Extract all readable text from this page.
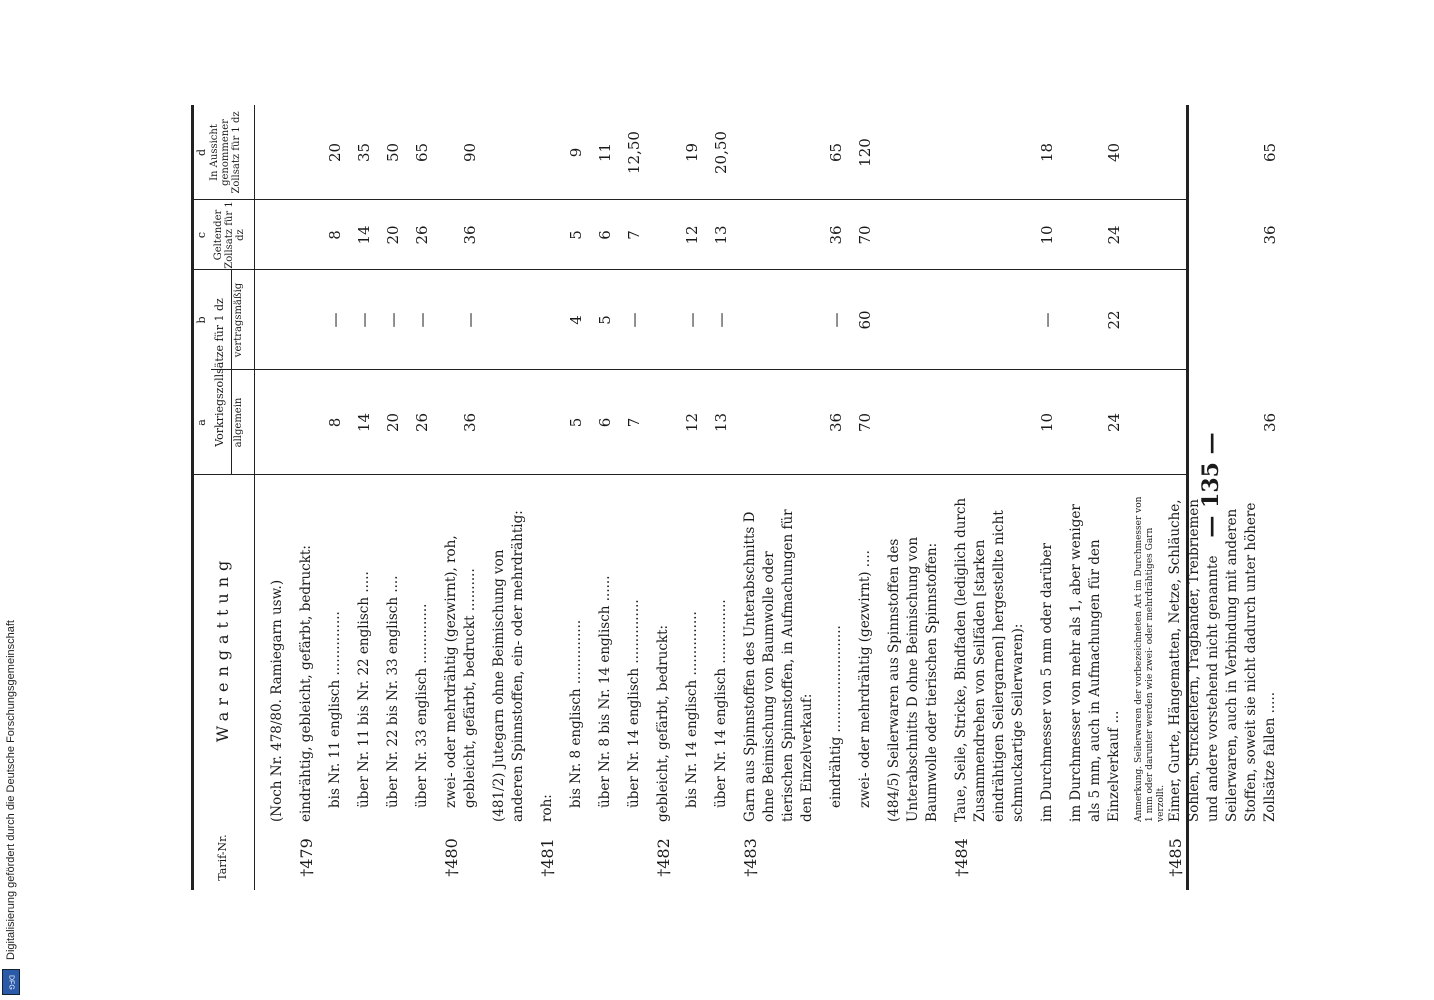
Digitalisierung gefördert durch die Deutsche Forschungsgemeinschaft
DFG
— 135 —
Tarif-Nr.
Warengattung
a
b
c
d
Vorkriegszollsätze für 1 dz allgemein
vertragsmäßig
Geltender Zollsatz für 1 dz
In Aussicht genommener Zollsatz für 1 dz
(Noch Nr. 478/80. Ramiegarn usw.)
†479
eindrähtig, gebleicht, gefärbt, bedruckt: bis Nr. 11 englisch ...............
8
—
8
20
über Nr. 11 bis Nr. 22 englisch .....
14
—
14
35
über Nr. 22 bis Nr. 33 englisch ....
20
—
20
50
über Nr. 33 englisch ..............
26
—
26
65
†480
zwei- oder mehrdrähtig (gezwirnt), roh, gebleicht, gefärbt, bedruckt ..........
36
—
36
90
(481/2) Jutegarn ohne Beimischung von anderen Spinnstoffen, ein- oder mehrdrähtig:
†481
roh:
bis Nr. 8 englisch ...............
5
4
5
9
über Nr. 8 bis Nr. 14 englisch ......
6
5
6
11
über Nr. 14 englisch ...............
7
—
7
12,50
†482
gebleicht, gefärbt, bedruckt: bis Nr. 14 englisch ...............
12
—
12
19
über Nr. 14 englisch ...............
13
—
13
20,50
†483
Garn aus Spinnstoffen des Unterabschnitts D ohne Beimischung von Baumwolle oder tierischen Spinnstoffen, in Aufmachungen für den Einzelverkauf: eindrähtig .........................
36
—
36
65
zwei- oder mehrdrähtig (gezwirnt) ....
70
60
70
120
(484/5) Seilerwaren aus Spinnstoffen des Unterabschnitts D ohne Beimischung von Baumwolle oder tierischen Spinnstoffen:
†484
Taue, Seile, Stricke, Bindfaden (lediglich durch Zusammendrehen von Seilfäden [starken eindrähtigen Seilergarnen] hergestellte nicht schmuckartige Seilerwaren): im Durchmesser von 5 mm oder darüber
10
—
10
18
im Durchmesser von mehr als 1, aber weniger als 5 mm, auch in Aufmachungen für den Einzelverkauf ...
24
22
24
40
Anmerkung. Seilerwaren der vorbezeichneten Art im Durchmesser von 1 mm oder darunter werden wie zwei- oder mehrdrähtiges Garn verzollt.
†485
Eimer, Gurte, Hängematten, Netze, Schläuche, Sohlen, Strickleitern, Tragbänder, Treibriemen und andere vorstehend nicht genannte Seilerwaren, auch in Verbindung mit anderen Stoffen, soweit sie nicht dadurch unter höhere Zollsätze fallen .....
36
36
65
